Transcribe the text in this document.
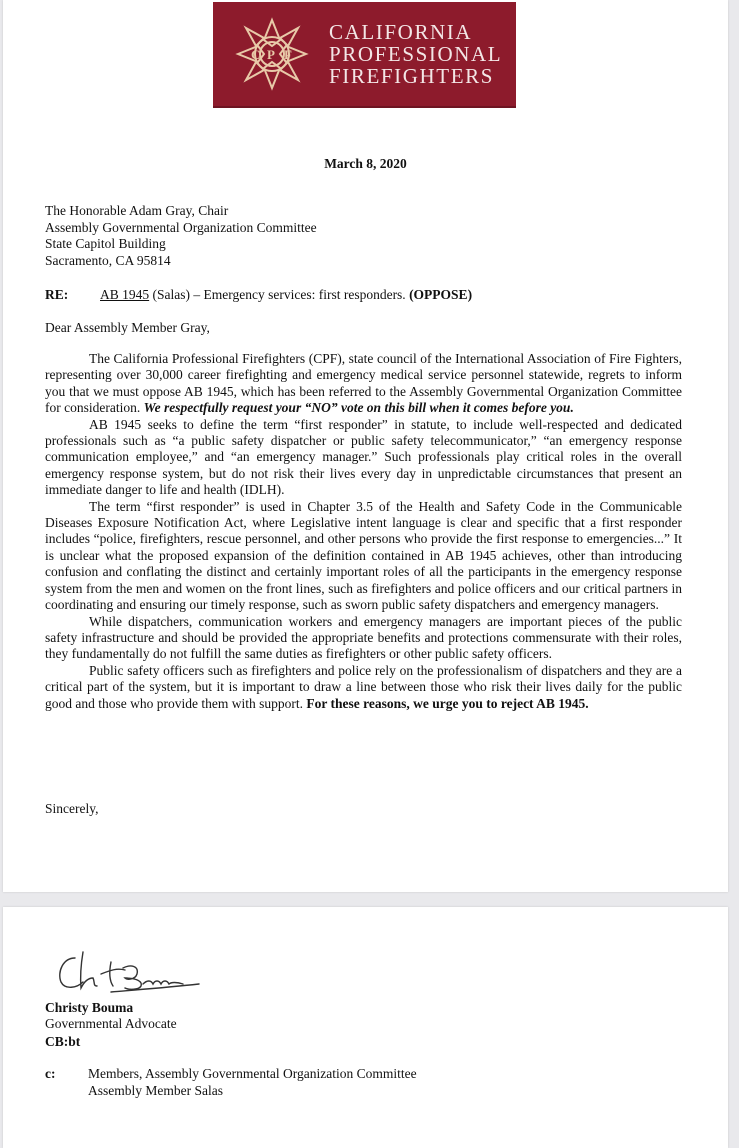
C P F
CALIFORNIA
PROFESSIONAL
FIREFIGHTERS
March 8, 2020
The Honorable Adam Gray, Chair
Assembly Governmental Organization Committee
State Capitol Building
Sacramento, CA 95814
RE: AB 1945 (Salas) – Emergency services: first responders. (OPPOSE)
Dear Assembly Member Gray,

The California Professional Firefighters (CPF), state council of the International Association of Fire Fighters, representing over 30,000 career firefighting and emergency medical service personnel statewide, regrets to inform you that we must oppose AB 1945, which has been referred to the Assembly Governmental Organization Committee for consideration. We respectfully request your “NO” vote on this bill when it comes before you.

AB 1945 seeks to define the term “first responder” in statute, to include well-respected and dedicated professionals such as “a public safety dispatcher or public safety telecommunicator,” “an emergency response communication employee,” and “an emergency manager.” Such professionals play critical roles in the overall emergency response system, but do not risk their lives every day in unpredictable circumstances that present an immediate danger to life and health (IDLH).

The term “first responder” is used in Chapter 3.5 of the Health and Safety Code in the Communicable Diseases Exposure Notification Act, where Legislative intent language is clear and specific that a first responder includes “police, firefighters, rescue personnel, and other persons who provide the first response to emergencies...” It is unclear what the proposed expansion of the definition contained in AB 1945 achieves, other than introducing confusion and conflating the distinct and certainly important roles of all the participants in the emergency response system from the men and women on the front lines, such as firefighters and police officers and our critical partners in coordinating and ensuring our timely response, such as sworn public safety dispatchers and emergency managers.

While dispatchers, communication workers and emergency managers are important pieces of the public safety infrastructure and should be provided the appropriate benefits and protections commensurate with their roles, they fundamentally do not fulfill the same duties as firefighters or other public safety officers.

Public safety officers such as firefighters and police rely on the professionalism of dispatchers and they are a critical part of the system, but it is important to draw a line between those who risk their lives daily for the public good and those who provide them with support. For these reasons, we urge you to reject AB 1945.

Sincerely,
Christy Bouma
Governmental Advocate
CB:bt
c: Members, Assembly Governmental Organization Committee
Assembly Member Salas
